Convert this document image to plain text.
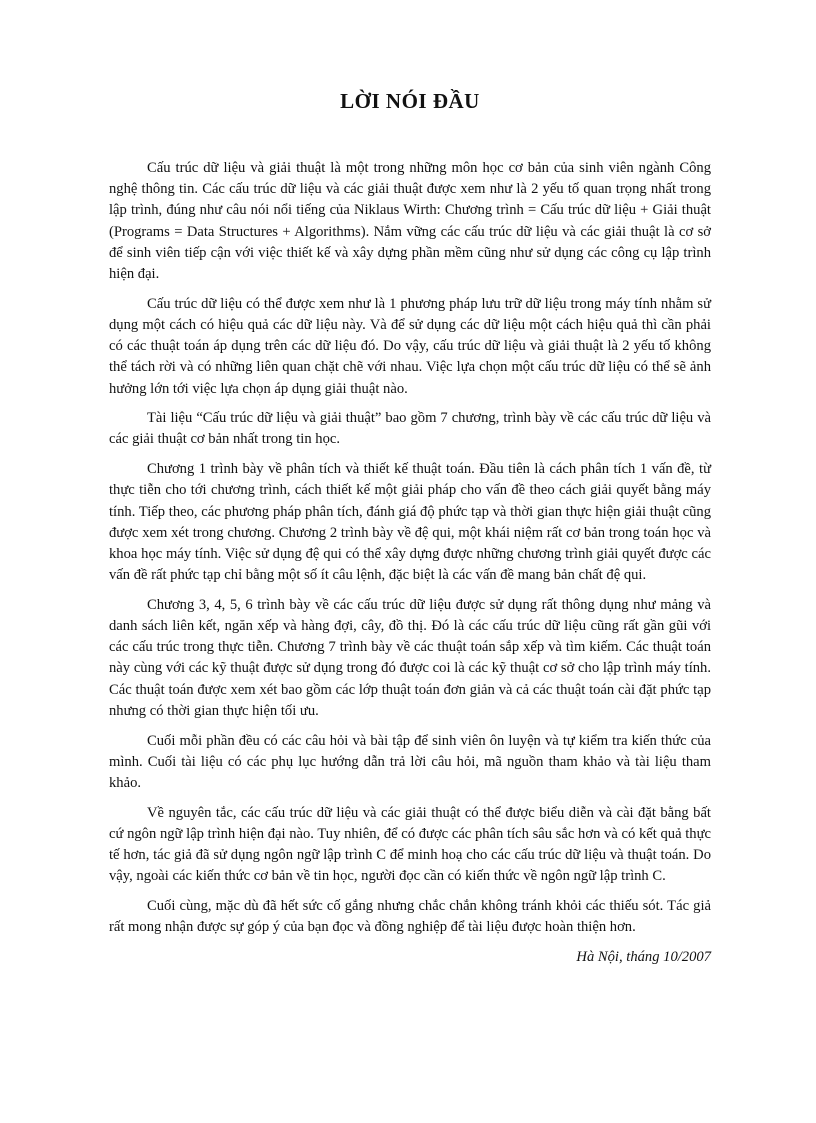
LỜI NÓI ĐẦU

Cấu trúc dữ liệu và giải thuật là một trong những môn học cơ bản của sinh viên ngành Công nghệ thông tin. Các cấu trúc dữ liệu và các giải thuật được xem như là 2 yếu tố quan trọng nhất trong lập trình, đúng như câu nói nổi tiếng của Niklaus Wirth: Chương trình = Cấu trúc dữ liệu + Giải thuật (Programs = Data Structures + Algorithms). Nắm vững các cấu trúc dữ liệu và các giải thuật là cơ sở để sinh viên tiếp cận với việc thiết kế và xây dựng phần mềm cũng như sử dụng các công cụ lập trình hiện đại.

Cấu trúc dữ liệu có thể được xem như là 1 phương pháp lưu trữ dữ liệu trong máy tính nhằm sử dụng một cách có hiệu quả các dữ liệu này. Và để sử dụng các dữ liệu một cách hiệu quả thì cần phải có các thuật toán áp dụng trên các dữ liệu đó. Do vậy, cấu trúc dữ liệu và giải thuật là 2 yếu tố không thể tách rời và có những liên quan chặt chẽ với nhau. Việc lựa chọn một cấu trúc dữ liệu có thể sẽ ảnh hưởng lớn tới việc lựa chọn áp dụng giải thuật nào.

Tài liệu “Cấu trúc dữ liệu và giải thuật” bao gồm 7 chương, trình bày về các cấu trúc dữ liệu và các giải thuật cơ bản nhất trong tin học.

Chương 1 trình bày về phân tích và thiết kế thuật toán. Đầu tiên là cách phân tích 1 vấn đề, từ thực tiễn cho tới chương trình, cách thiết kế một giải pháp cho vấn đề theo cách giải quyết bằng máy tính. Tiếp theo, các phương pháp phân tích, đánh giá độ phức tạp và thời gian thực hiện giải thuật cũng được xem xét trong chương. Chương 2 trình bày về đệ qui, một khái niệm rất cơ bản trong toán học và khoa học máy tính. Việc sử dụng đệ qui có thể xây dựng được những chương trình giải quyết được các vấn đề rất phức tạp chỉ bằng một số ít câu lệnh, đặc biệt là các vấn đề mang bản chất đệ qui.

Chương 3, 4, 5, 6 trình bày về các cấu trúc dữ liệu được sử dụng rất thông dụng như mảng và danh sách liên kết, ngăn xếp và hàng đợi, cây, đồ thị. Đó là các cấu trúc dữ liệu cũng rất gần gũi với các cấu trúc trong thực tiễn. Chương 7 trình bày về các thuật toán sắp xếp và tìm kiếm. Các thuật toán này cùng với các kỹ thuật được sử dụng trong đó được coi là các kỹ thuật cơ sở cho lập trình máy tính. Các thuật toán được xem xét bao gồm các lớp thuật toán đơn giản và cả các thuật toán cài đặt phức tạp nhưng có thời gian thực hiện tối ưu.

Cuối mỗi phần đều có các câu hỏi và bài tập để sinh viên ôn luyện và tự kiểm tra kiến thức của mình. Cuối tài liệu có các phụ lục hướng dẫn trả lời câu hỏi, mã nguồn tham khảo và tài liệu tham khảo.

Về nguyên tắc, các cấu trúc dữ liệu và các giải thuật có thể được biểu diễn và cài đặt bằng bất cứ ngôn ngữ lập trình hiện đại nào. Tuy nhiên, để có được các phân tích sâu sắc hơn và có kết quả thực tế hơn, tác giả đã sử dụng ngôn ngữ lập trình C để minh hoạ cho các cấu trúc dữ liệu và thuật toán. Do vậy, ngoài các kiến thức cơ bản về tin học, người đọc cần có kiến thức về ngôn ngữ lập trình C.

Cuối cùng, mặc dù đã hết sức cố gắng nhưng chắc chắn không tránh khỏi các thiếu sót. Tác giả rất mong nhận được sự góp ý của bạn đọc và đồng nghiệp để tài liệu được hoàn thiện hơn.

Hà Nội, tháng 10/2007
